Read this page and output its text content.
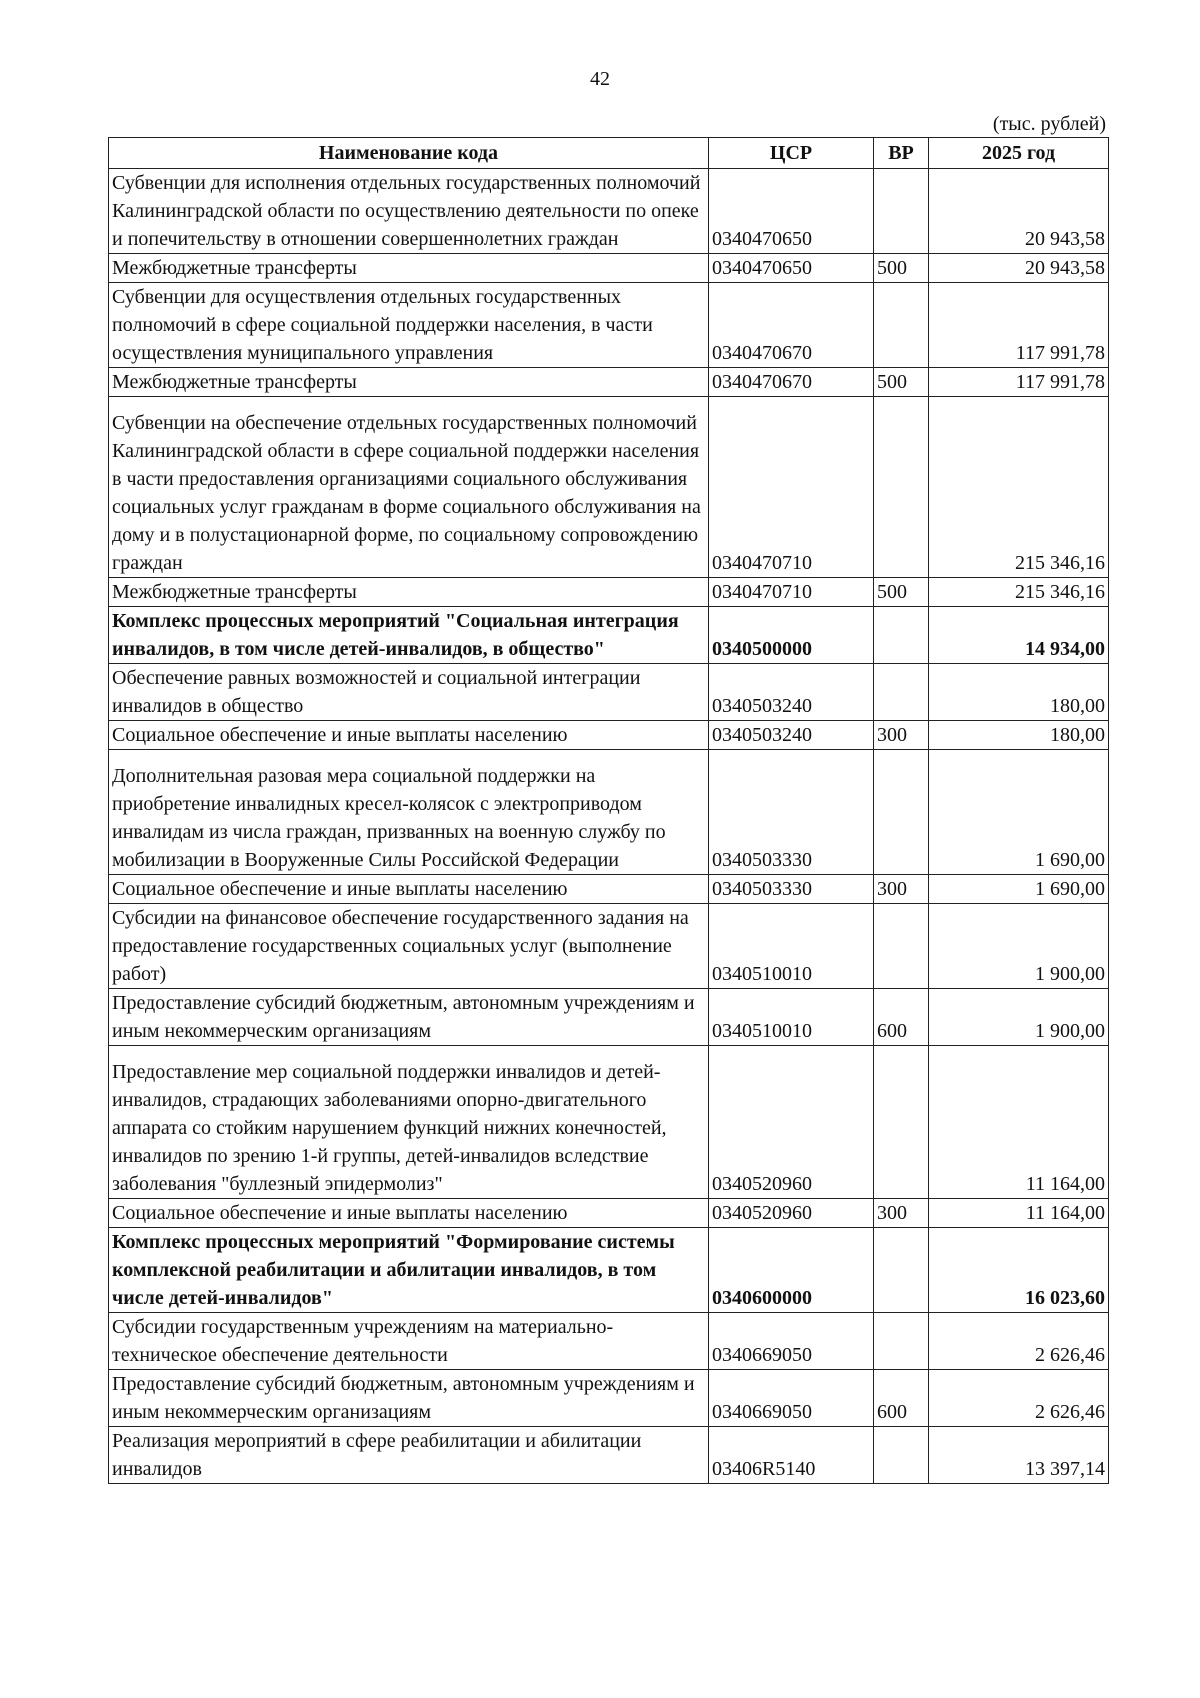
42
(тыс. рублей)
Наименование кода	ЦСР	ВР	2025 год
Субвенции для исполнения отдельных государственных полномочий Калининградской области по осуществлению деятельности по опеке и попечительству в отношении совершеннолетних граждан	0340470650		20 943,58
Межбюджетные трансферты	0340470650	500	20 943,58
Субвенции для осуществления отдельных государственных полномочий в сфере социальной поддержки населения, в части осуществления муниципального управления	0340470670		117 991,78
Межбюджетные трансферты	0340470670	500	117 991,78
Субвенции на обеспечение отдельных государственных полномочий Калининградской области в сфере социальной поддержки населения в части предоставления организациями социального обслуживания социальных услуг гражданам в форме социального обслуживания на дому и в полустационарной форме, по социальному сопровождению граждан	0340470710		215 346,16
Межбюджетные трансферты	0340470710	500	215 346,16
Комплекс процессных мероприятий "Социальная интеграция инвалидов, в том числе детей-инвалидов, в общество"	0340500000		14 934,00
Обеспечение равных возможностей и социальной интеграции инвалидов в общество	0340503240		180,00
Социальное обеспечение и иные выплаты населению	0340503240	300	180,00
Дополнительная разовая мера социальной поддержки на приобретение инвалидных кресел-колясок с электроприводом инвалидам из числа граждан, призванных на военную службу по мобилизации в Вооруженные Силы Российской Федерации	0340503330		1 690,00
Социальное обеспечение и иные выплаты населению	0340503330	300	1 690,00
Субсидии на финансовое обеспечение государственного задания на предоставление государственных социальных услуг (выполнение работ)	0340510010		1 900,00
Предоставление субсидий бюджетным, автономным учреждениям и иным некоммерческим организациям	0340510010	600	1 900,00
Предоставление мер социальной поддержки инвалидов и детей-инвалидов, страдающих заболеваниями опорно-двигательного аппарата со стойким нарушением функций нижних конечностей, инвалидов по зрению 1-й группы, детей-инвалидов вследствие заболевания "буллезный эпидермолиз"	0340520960		11 164,00
Социальное обеспечение и иные выплаты населению	0340520960	300	11 164,00
Комплекс процессных мероприятий "Формирование системы комплексной реабилитации и абилитации инвалидов, в том числе детей-инвалидов"	0340600000		16 023,60
Субсидии государственным учреждениям на материально-техническое обеспечение деятельности	0340669050		2 626,46
Предоставление субсидий бюджетным, автономным учреждениям и иным некоммерческим организациям	0340669050	600	2 626,46
Реализация мероприятий в сфере реабилитации и абилитации инвалидов	03406R5140		13 397,14
